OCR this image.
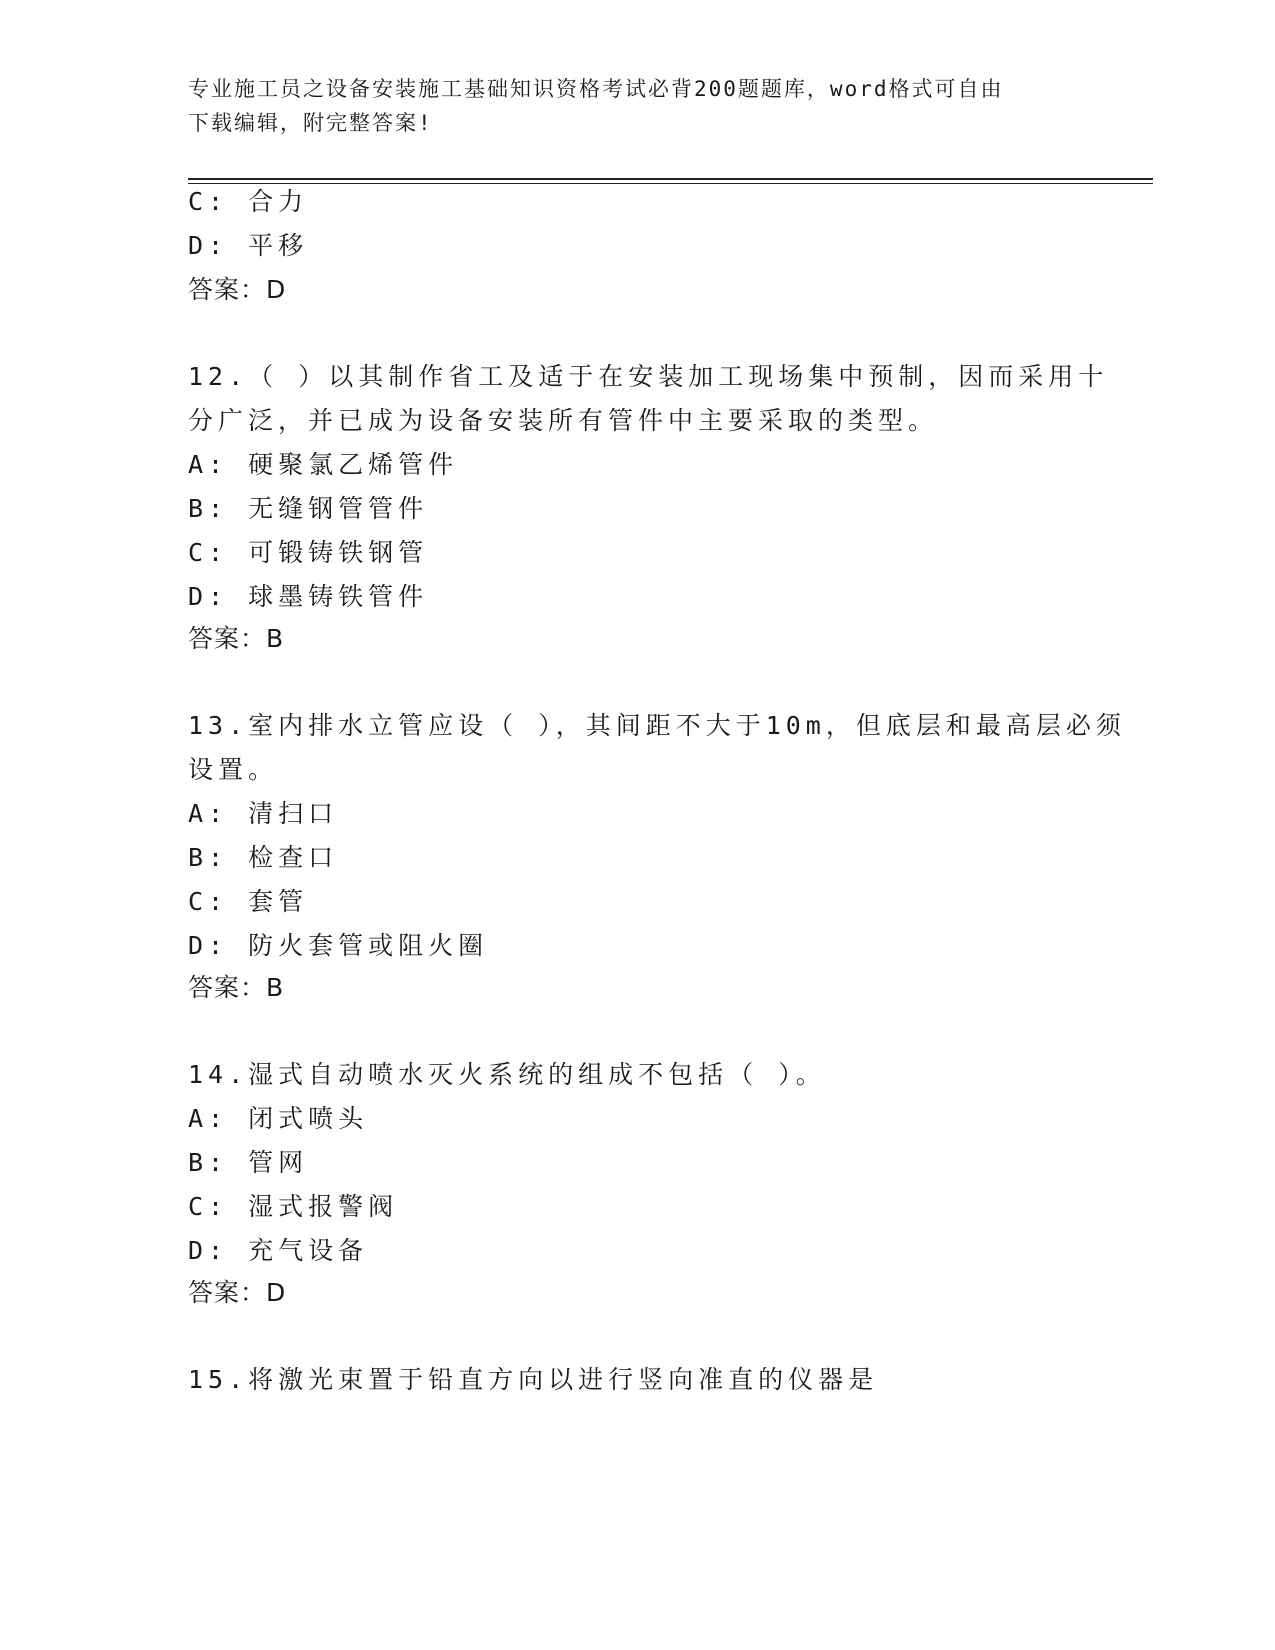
专业施工员之设备安装施工基础知识资格考试必背200题题库，word格式可自由
下载编辑，附完整答案!
C: 合力
D: 平移
答案：D
12.（ ）以其制作省工及适于在安装加工现场集中预制，因而采用十
分广泛，并已成为设备安装所有管件中主要采取的类型。
A: 硬聚氯乙烯管件
B: 无缝钢管管件
C: 可锻铸铁钢管
D: 球墨铸铁管件
答案：B
13.室内排水立管应设（ ），其间距不大于10m，但底层和最高层必须
设置。
A: 清扫口
B: 检查口
C: 套管
D: 防火套管或阻火圈
答案：B
14.湿式自动喷水灭火系统的组成不包括（ ）。
A: 闭式喷头
B: 管网
C: 湿式报警阀
D: 充气设备
答案：D
15.将激光束置于铅直方向以进行竖向准直的仪器是
